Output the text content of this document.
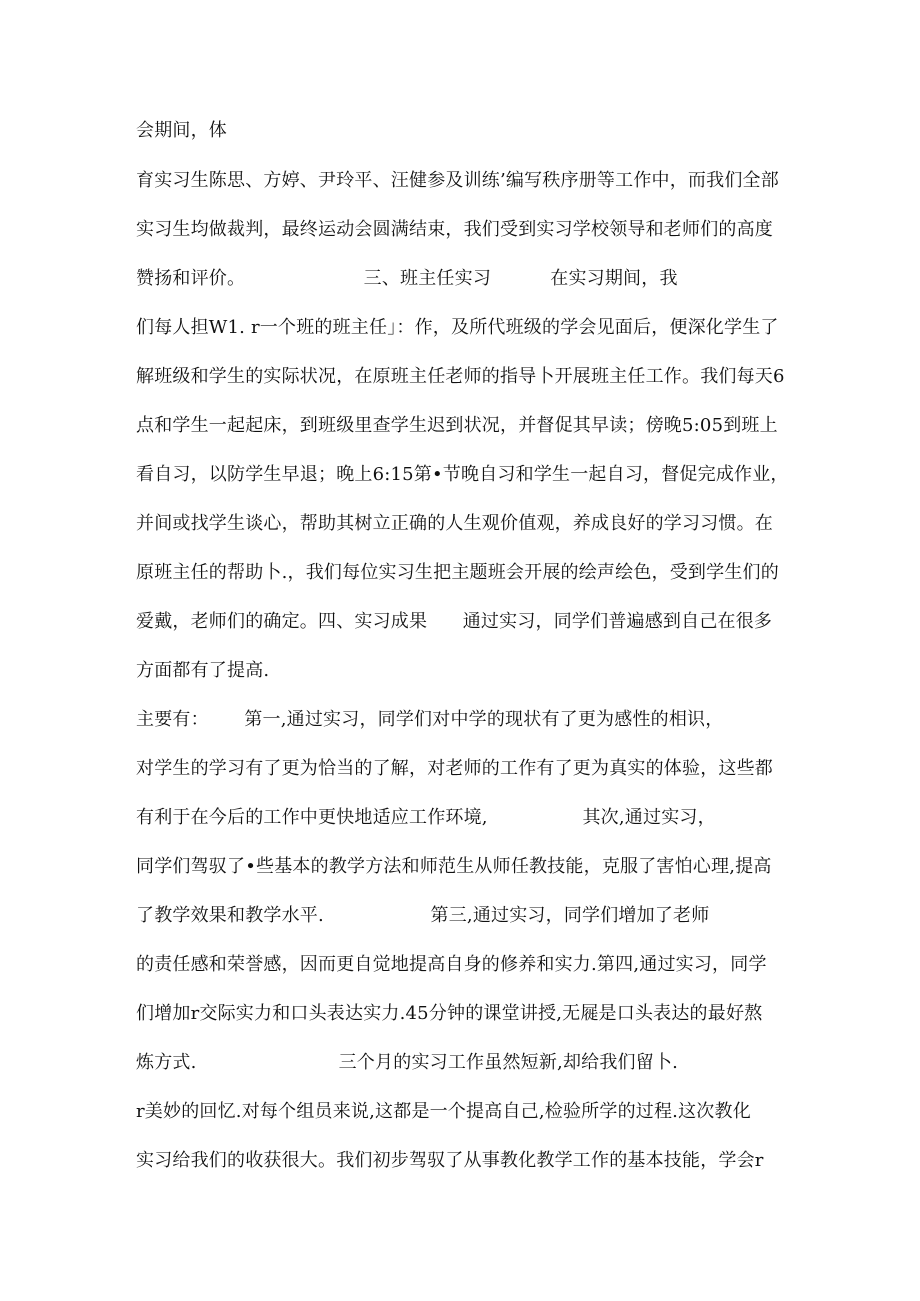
会期间，体

育实习生陈思、方婷、尹玲平、汪健参及训练’编写秩序册等工作中，而我们全部

实习生均做裁判，最终运动会圆满结束，我们受到实习学校领导和老师们的高度

赞扬和评价。                    三、班主任实习          在实习期间，我

们每人担W1. r一个班的班主任」：作，及所代班级的学会见面后，便深化学生了

解班级和学生的实际状况，在原班主任老师的指导卜开展班主任工作。我们每天6

点和学生一起起床，到班级里查学生迟到状况，并督促其早读；傍晚5:05到班上

看自习，以防学生早退；晚上6:15第•节晚自习和学生一起自习，督促完成作业，

并间或找学生谈心，帮助其树立正确的人生观价值观，养成良好的学习习惯。在

原班主任的帮助卜.，我们每位实习生把主题班会开展的绘声绘色，受到学生们的

爱戴，老师们的确定。四、实习成果      通过实习，同学们普遍感到自己在很多

方面都有了提高.

主要有：      第一,通过实习，同学们对中学的现状有了更为感性的相识，

对学生的学习有了更为恰当的了解，对老师的工作有了更为真实的体验，这些都

有利于在今后的工作中更快地适应工作环境,                其次,通过实习，

同学们驾驭了•些基本的教学方法和师范生从师任教技能，克服了害怕心理,提高

了教学效果和教学水平.                  第三,通过实习，同学们增加了老师

的责任感和荣誉感，因而更自觉地提高自身的修养和实力.第四,通过实习，同学

们增加r交际实力和口头表达实力.45分钟的课堂讲授,无屣是口头表达的最好熬

炼方式.                        三个月的实习工作虽然短新,却给我们留卜.

r美妙的回忆.对每个组员来说,这都是一个提高自己,检验所学的过程.这次教化

实习给我们的收获很大。我们初步驾驭了从事教化教学工作的基本技能，学会r
